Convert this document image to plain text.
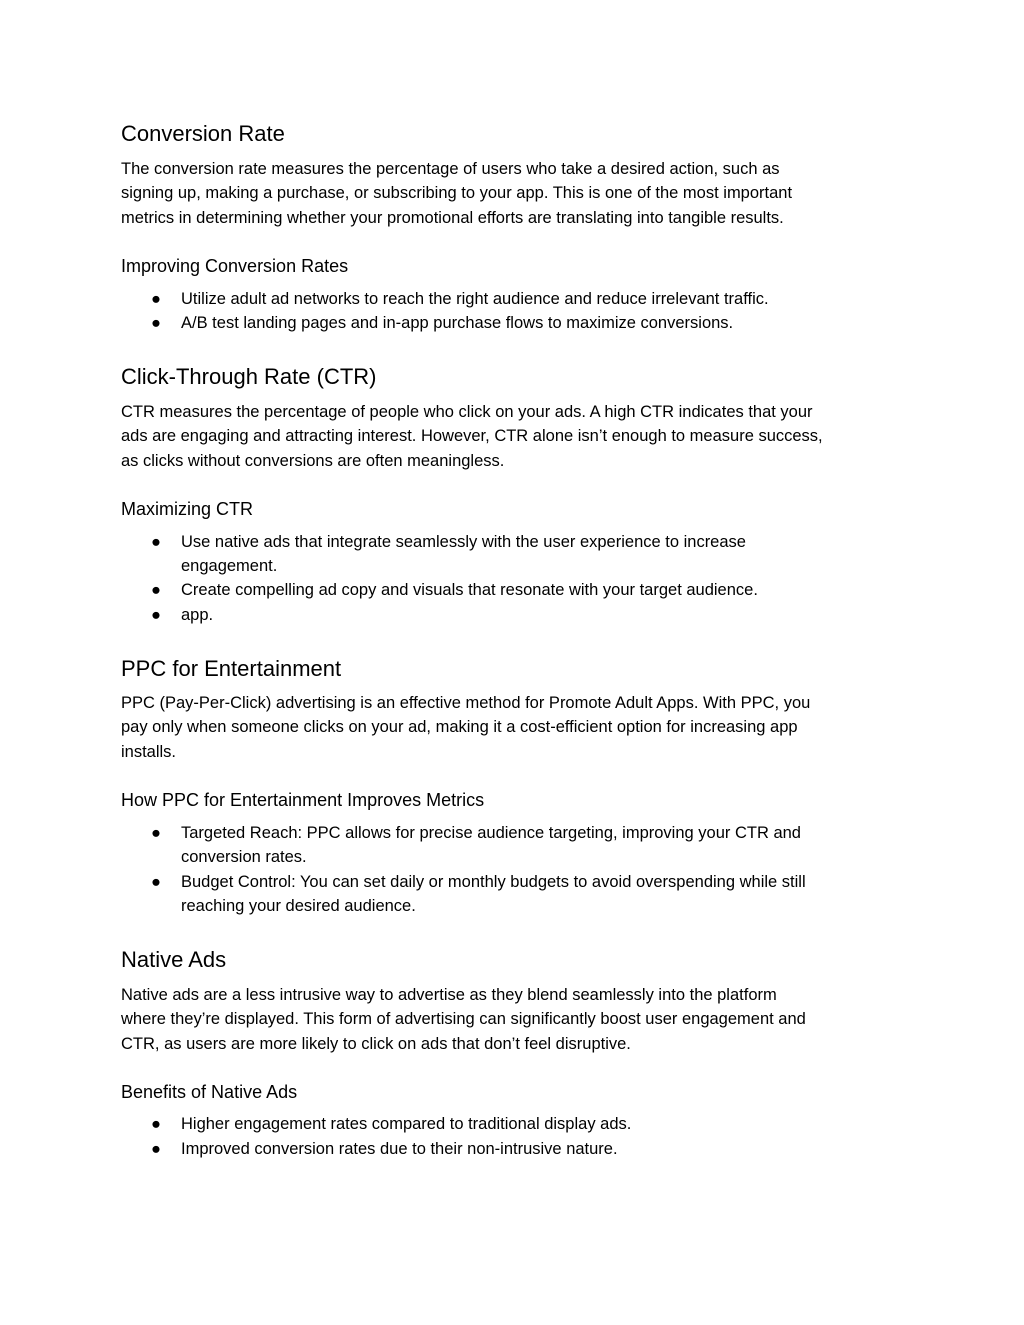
Conversion Rate

The conversion rate measures the percentage of users who take a desired action, such as
signing up, making a purchase, or subscribing to your app. This is one of the most important
metrics in determining whether your promotional efforts are translating into tangible results.

Improving Conversion Rates
● Utilize adult ad networks to reach the right audience and reduce irrelevant traffic.

● A/B test landing pages and in-app purchase flows to maximize conversions.

Click-Through Rate (CTR)

CTR measures the percentage of people who click on your ads. A high CTR indicates that your
ads are engaging and attracting interest. However, CTR alone isn’t enough to measure success,
as clicks without conversions are often meaningless.

Maximizing CTR
● Use native ads that integrate seamlessly with the user experience to increase
engagement.

● Create compelling ad copy and visuals that resonate with your target audience.

● app.

PPC for Entertainment

PPC (Pay-Per-Click) advertising is an effective method for Promote Adult Apps. With PPC, you
pay only when someone clicks on your ad, making it a cost-efficient option for increasing app
installs.

How PPC for Entertainment Improves Metrics
● Targeted Reach: PPC allows for precise audience targeting, improving your CTR and
conversion rates.

● Budget Control: You can set daily or monthly budgets to avoid overspending while still
reaching your desired audience.

Native Ads

Native ads are a less intrusive way to advertise as they blend seamlessly into the platform
where they’re displayed. This form of advertising can significantly boost user engagement and
CTR, as users are more likely to click on ads that don’t feel disruptive.

Benefits of Native Ads
● Higher engagement rates compared to traditional display ads.

● Improved conversion rates due to their non-intrusive nature.
